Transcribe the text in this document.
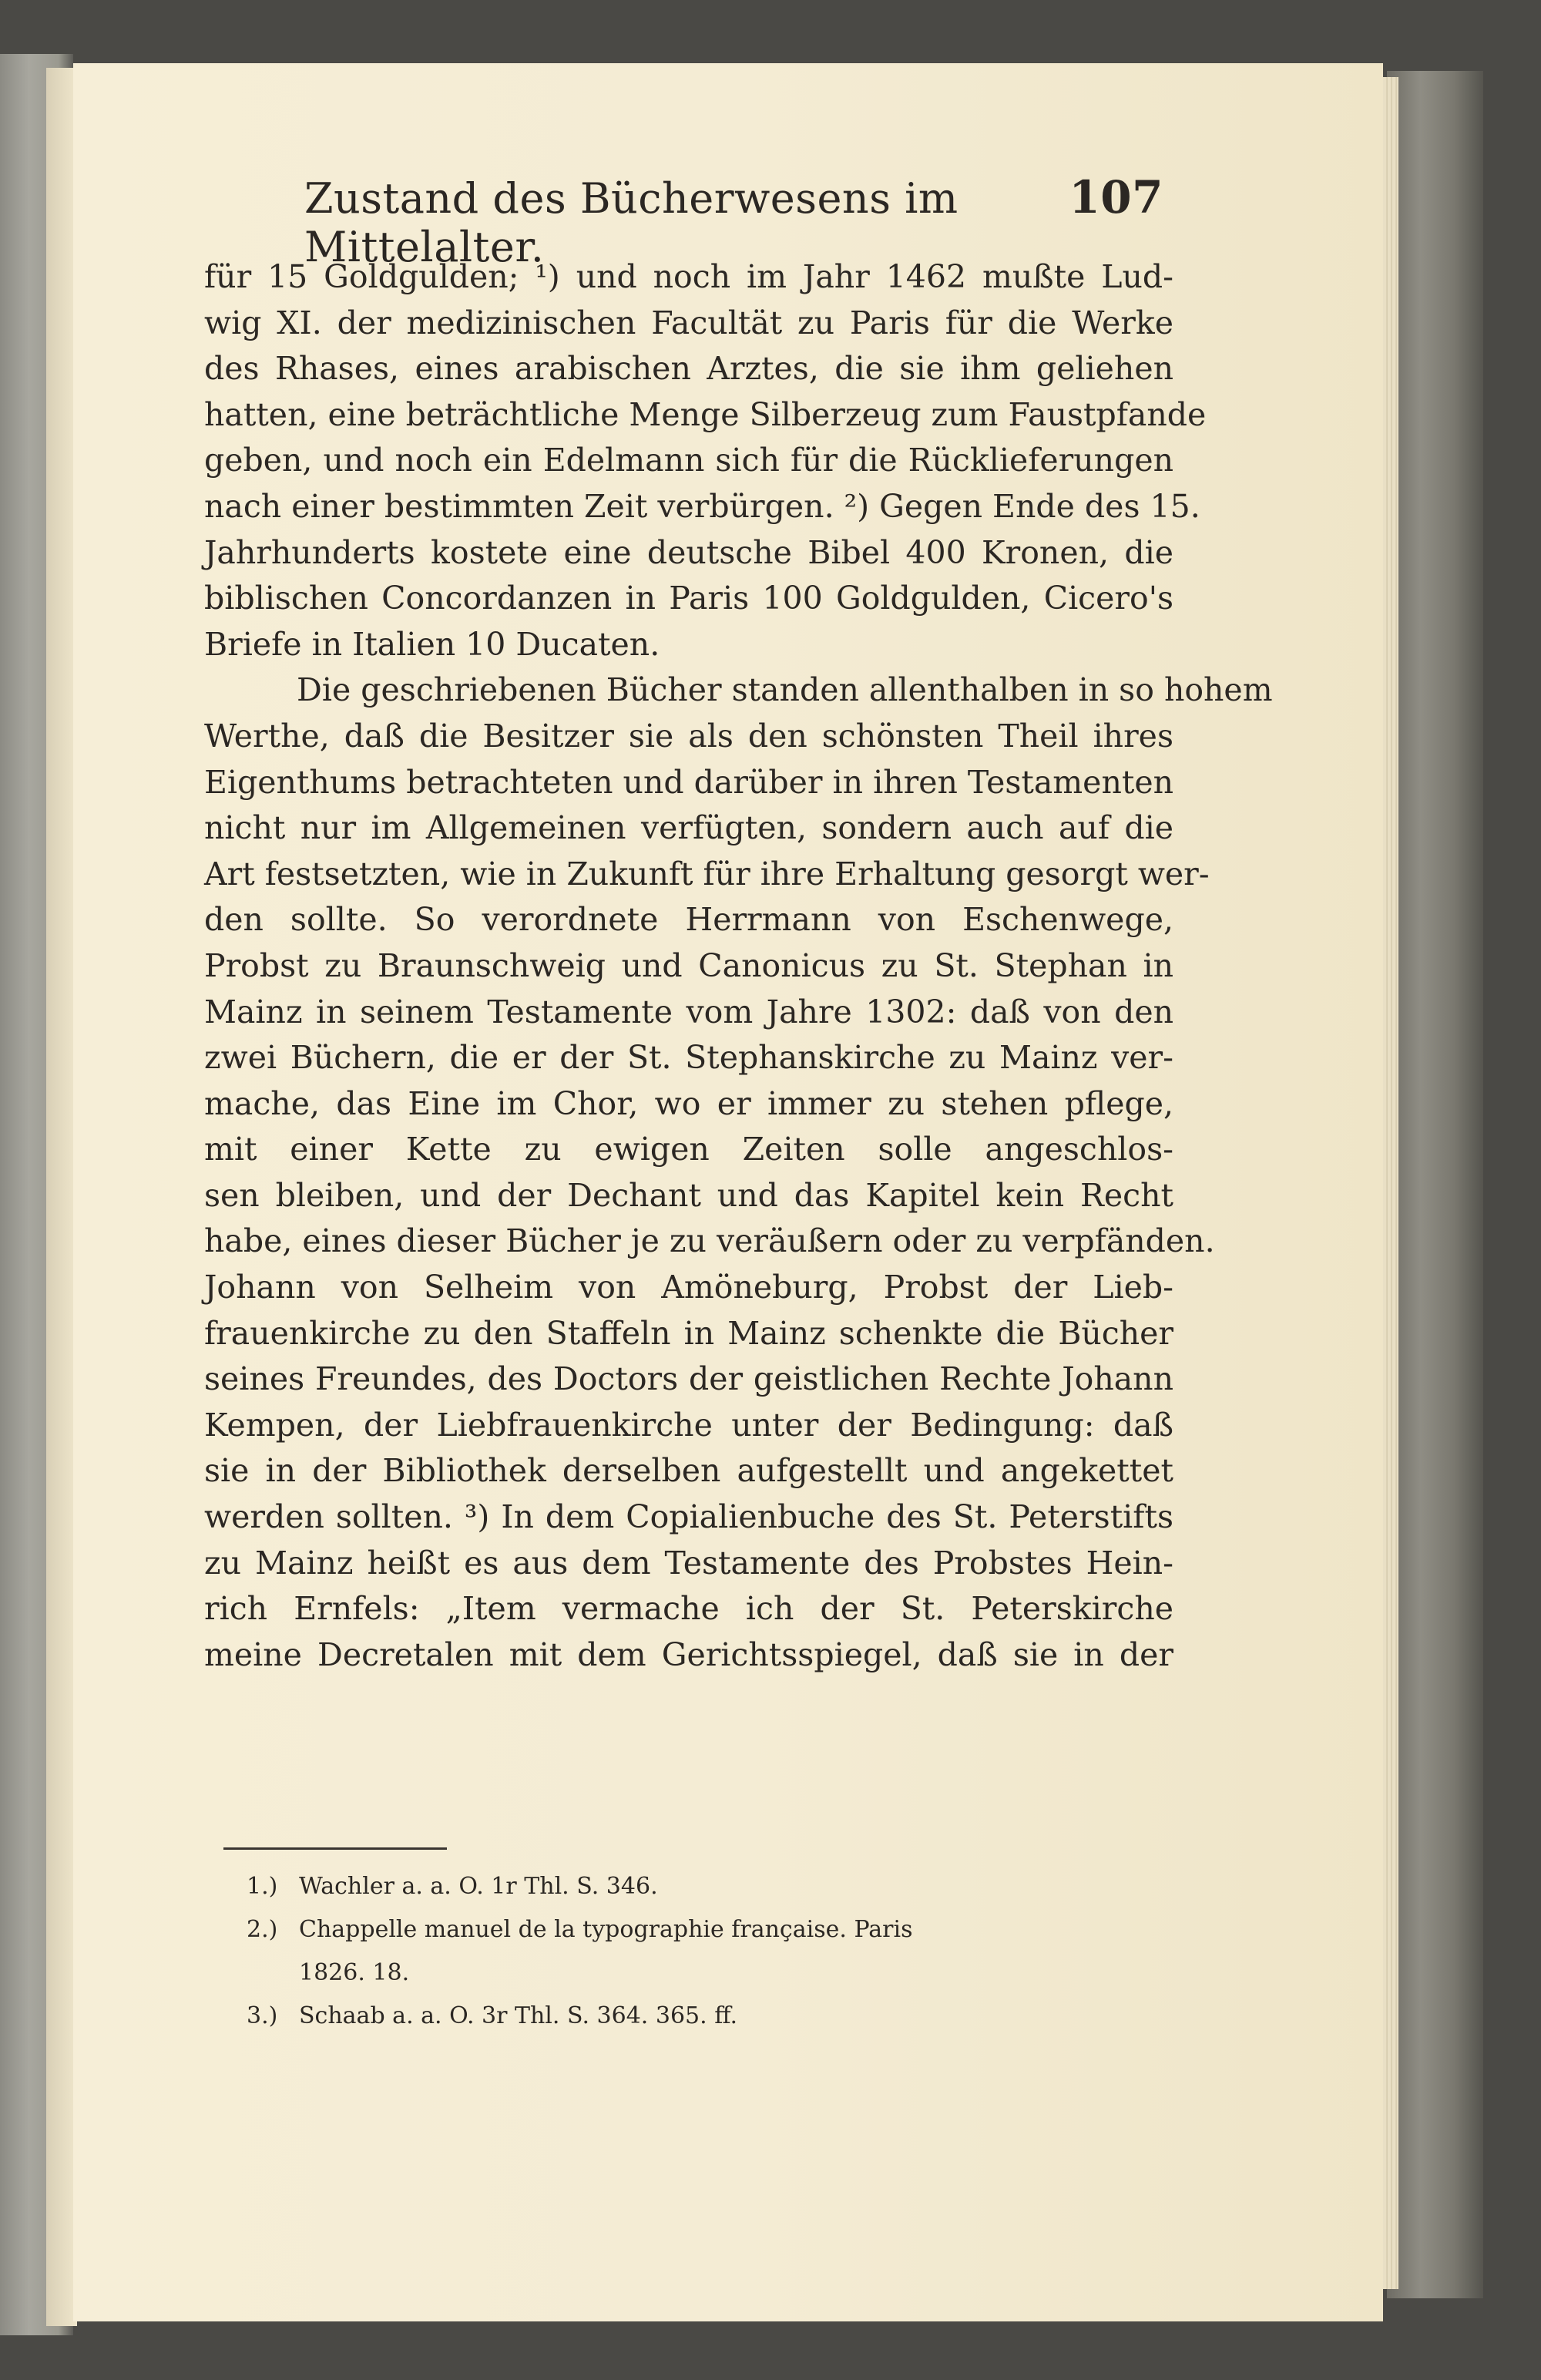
Zustand des Bücherwesens im Mittelalter.
107
für 15 Goldgulden; ¹) und noch im Jahr 1462 mußte Lud-
wig XI. der medizinischen Facultät zu Paris für die Werke
des Rhases, eines arabischen Arztes, die sie ihm geliehen
hatten, eine beträchtliche Menge Silberzeug zum Faustpfande
geben, und noch ein Edelmann sich für die Rücklieferungen
nach einer bestimmten Zeit verbürgen. ²) Gegen Ende des 15.
Jahrhunderts kostete eine deutsche Bibel 400 Kronen, die
biblischen Concordanzen in Paris 100 Goldgulden, Cicero's
Briefe in Italien 10 Ducaten.
Die geschriebenen Bücher standen allenthalben in so hohem
Werthe, daß die Besitzer sie als den schönsten Theil ihres
Eigenthums betrachteten und darüber in ihren Testamenten
nicht nur im Allgemeinen verfügten, sondern auch auf die
Art festsetzten, wie in Zukunft für ihre Erhaltung gesorgt wer-
den sollte. So verordnete Herrmann von Eschenwege,
Probst zu Braunschweig und Canonicus zu St. Stephan in
Mainz in seinem Testamente vom Jahre 1302: daß von den
zwei Büchern, die er der St. Stephanskirche zu Mainz ver-
mache, das Eine im Chor, wo er immer zu stehen pflege,
mit einer Kette zu ewigen Zeiten solle angeschlos-
sen bleiben, und der Dechant und das Kapitel kein Recht
habe, eines dieser Bücher je zu veräußern oder zu verpfänden.
Johann von Selheim von Amöneburg, Probst der Lieb-
frauenkirche zu den Staffeln in Mainz schenkte die Bücher
seines Freundes, des Doctors der geistlichen Rechte Johann
Kempen, der Liebfrauenkirche unter der Bedingung: daß
sie in der Bibliothek derselben aufgestellt und angekettet
werden sollten. ³) In dem Copialienbuche des St. Peterstifts
zu Mainz heißt es aus dem Testamente des Probstes Hein-
rich Ernfels: „Item vermache ich der St. Peterskirche
meine Decretalen mit dem Gerichtsspiegel, daß sie in der
1.) Wachler a. a. O. 1r Thl. S. 346.
2.) Chappelle manuel de la typographie française. Paris
1826. 18.
3.) Schaab a. a. O. 3r Thl. S. 364. 365. ff.
